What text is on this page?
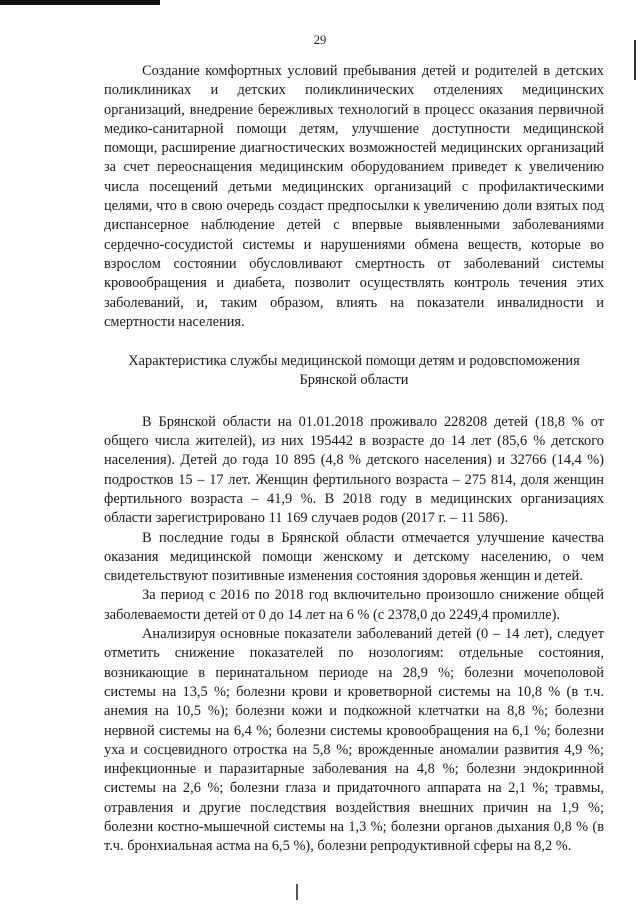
29

Создание комфортных условий пребывания детей и родителей в детских поликлиниках и детских поликлинических отделениях медицинских организаций, внедрение бережливых технологий в процесс оказания первичной медико-санитарной помощи детям, улучшение доступности медицинской помощи, расширение диагностических возможностей медицинских организаций за счет переоснащения медицинским оборудованием приведет к увеличению числа посещений детьми медицинских организаций с профилактическими целями, что в свою очередь создаст предпосылки к увеличению доли взятых под диспансерное наблюдение детей с впервые выявленными заболеваниями сердечно-сосудистой системы и нарушениями обмена веществ, которые во взрослом состоянии обусловливают смертность от заболеваний системы кровообращения и диабета, позволит осуществлять контроль течения этих заболеваний, и, таким образом, влиять на показатели инвалидности и смертности населения.

Характеристика службы медицинской помощи детям и родовспоможения
Брянской области

В Брянской области на 01.01.2018 проживало 228208 детей (18,8 % от общего числа жителей), из них 195442 в возрасте до 14 лет (85,6 % детского населения). Детей до года 10 895 (4,8 % детского населения) и 32766 (14,4 %) подростков 15 – 17 лет. Женщин фертильного возраста – 275 814, доля женщин фертильного возраста – 41,9 %. В 2018 году в медицинских организациях области зарегистрировано 11 169 случаев родов (2017 г. – 11 586).

В последние годы в Брянской области отмечается улучшение качества оказания медицинской помощи женскому и детскому населению, о чем свидетельствуют позитивные изменения состояния здоровья женщин и детей.

За период с 2016 по 2018 год включительно произошло снижение общей заболеваемости детей от 0 до 14 лет на 6 % (с 2378,0 до 2249,4 промилле).

Анализируя основные показатели заболеваний детей (0 – 14 лет), следует отметить снижение показателей по нозологиям: отдельные состояния, возникающие в перинатальном периоде на 28,9 %; болезни мочеполовой системы на 13,5 %; болезни крови и кроветворной системы на 10,8 % (в т.ч. анемия на 10,5 %); болезни кожи и подкожной клетчатки на 8,8 %; болезни нервной системы на 6,4 %; болезни системы кровообращения на 6,1 %; болезни уха и сосцевидного отростка на 5,8 %; врожденные аномалии развития 4,9 %; инфекционные и паразитарные заболевания на 4,8 %; болезни эндокринной системы на 2,6 %; болезни глаза и придаточного аппарата на 2,1 %; травмы, отравления и другие последствия воздействия внешних причин на 1,9 %; болезни костно-мышечной системы на 1,3 %; болезни органов дыхания 0,8 % (в т.ч. бронхиальная астма на 6,5 %), болезни репродуктивной сферы на 8,2 %.
